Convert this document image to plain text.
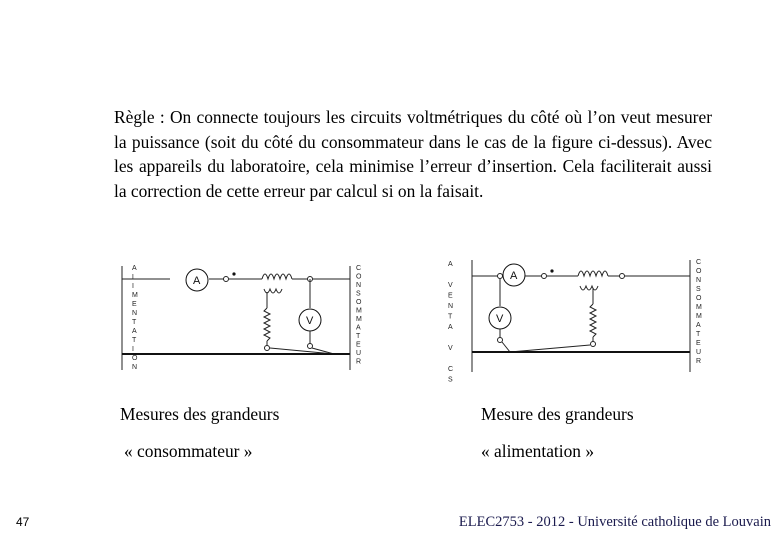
Règle : On connecte toujours les circuits voltmétriques du côté où l’on veut mesurer la puissance (soit du côté du consommateur dans le cas de la figure ci-dessus). Avec les appareils du laboratoire, cela minimise l’erreur d’insertion. Cela faciliterait aussi la correction de cette erreur par calcul si on la faisait.

A L I M E N T A T I O N
A
V
C O N S O M M A T E U R
A V E N T A V C S
A
V
C O N S O M M A T E U R

Mesures des grandeurs

« consommateur »

Mesure des grandeurs

« alimentation »

47	ELEC2753 - 2012 - Université catholique de Louvain
